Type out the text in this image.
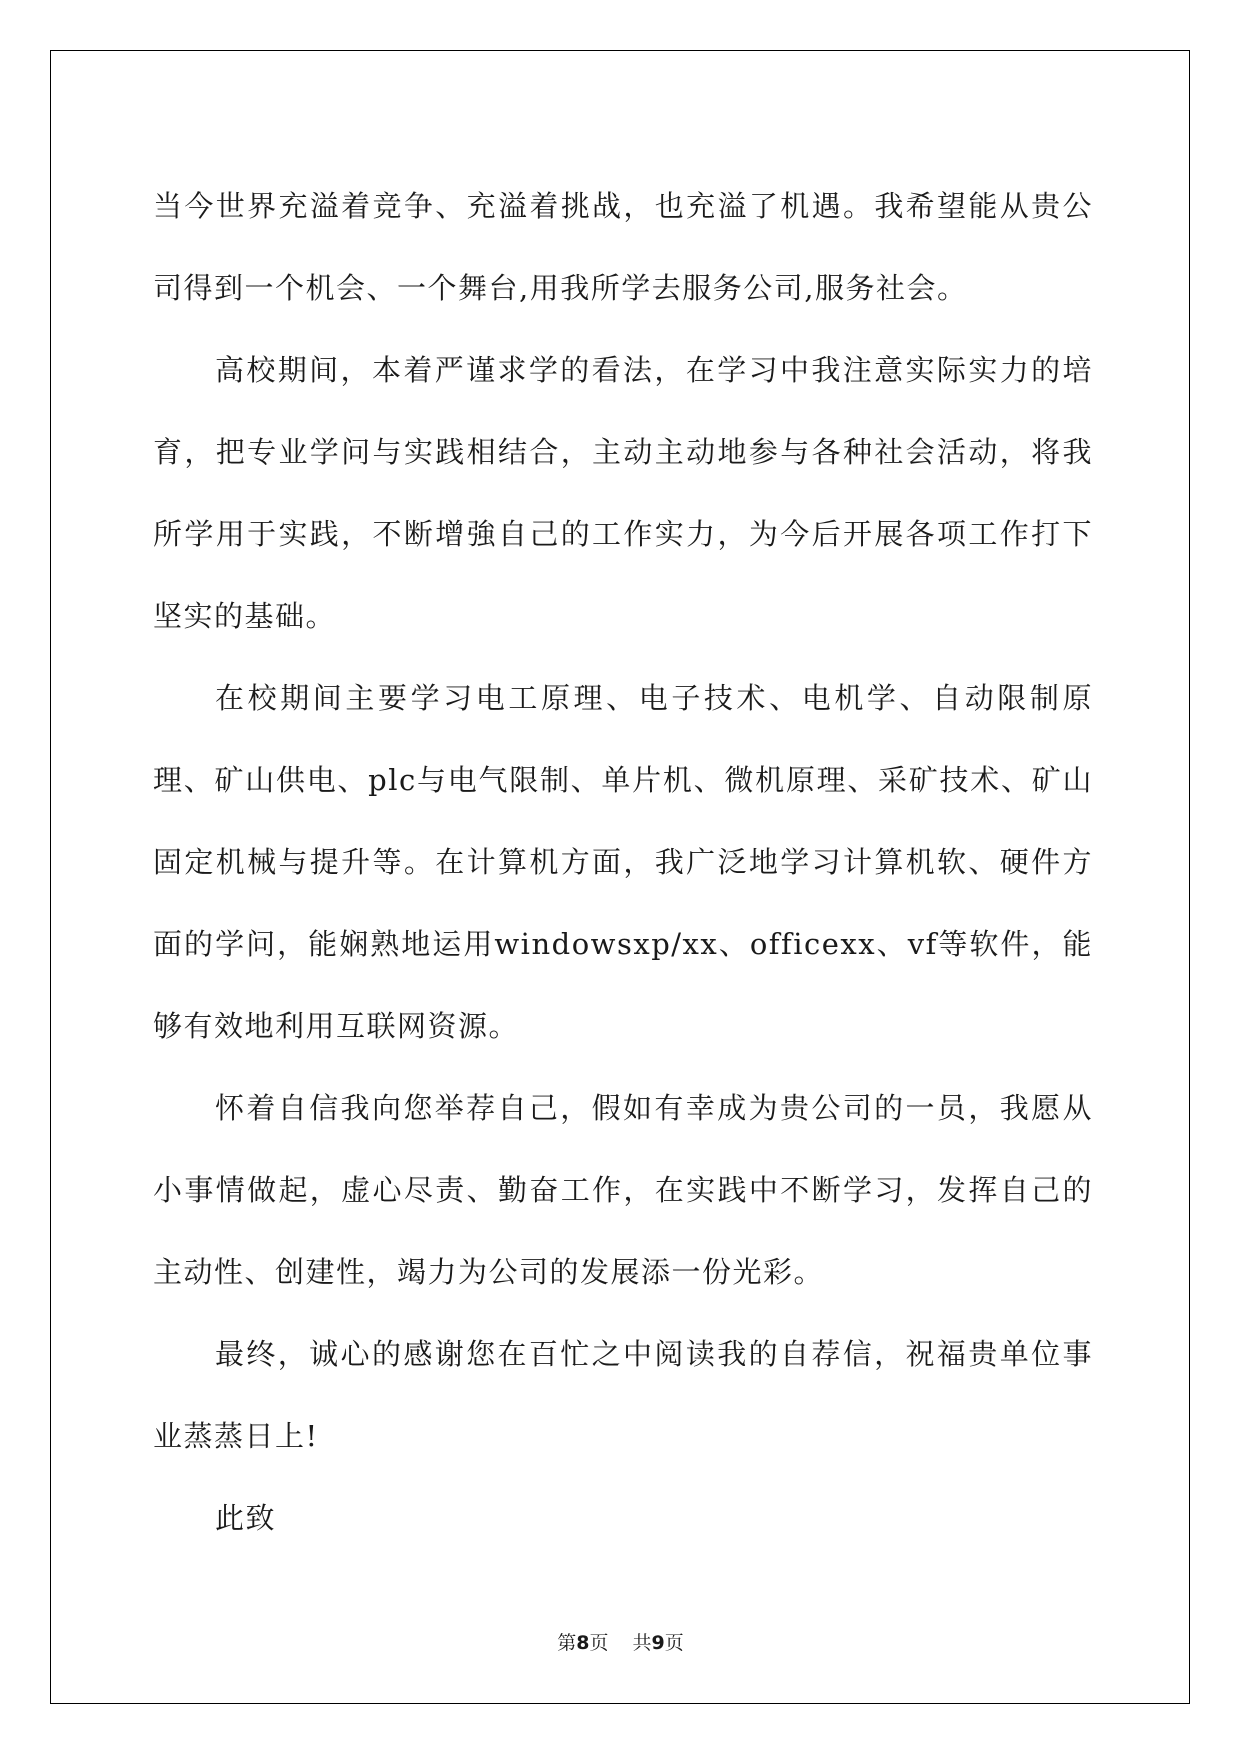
当今世界充溢着竞争、充溢着挑战，也充溢了机遇。我希望能从贵公司得到一个机会、一个舞台,用我所学去服务公司,服务社会。

高校期间，本着严谨求学的看法，在学习中我注意实际实力的培育，把专业学问与实践相结合，主动主动地参与各种社会活动，将我所学用于实践，不断增強自己的工作实力，为今后开展各项工作打下坚实的基础。

在校期间主要学习电工原理、电子技术、电机学、自动限制原理、矿山供电、plc与电气限制、单片机、微机原理、采矿技术、矿山固定机械与提升等。在计算机方面，我广泛地学习计算机软、硬件方面的学问，能娴熟地运用windowsxp/xx、officexx、vf等软件，能够有效地利用互联网资源。

怀着自信我向您举荐自己，假如有幸成为贵公司的一员，我愿从小事情做起，虚心尽责、勤奋工作，在实践中不断学习，发挥自己的主动性、创建性，竭力为公司的发展添一份光彩。

最终，诚心的感谢您在百忙之中阅读我的自荐信，祝福贵单位事业蒸蒸日上!

此致

第8页 共9页
